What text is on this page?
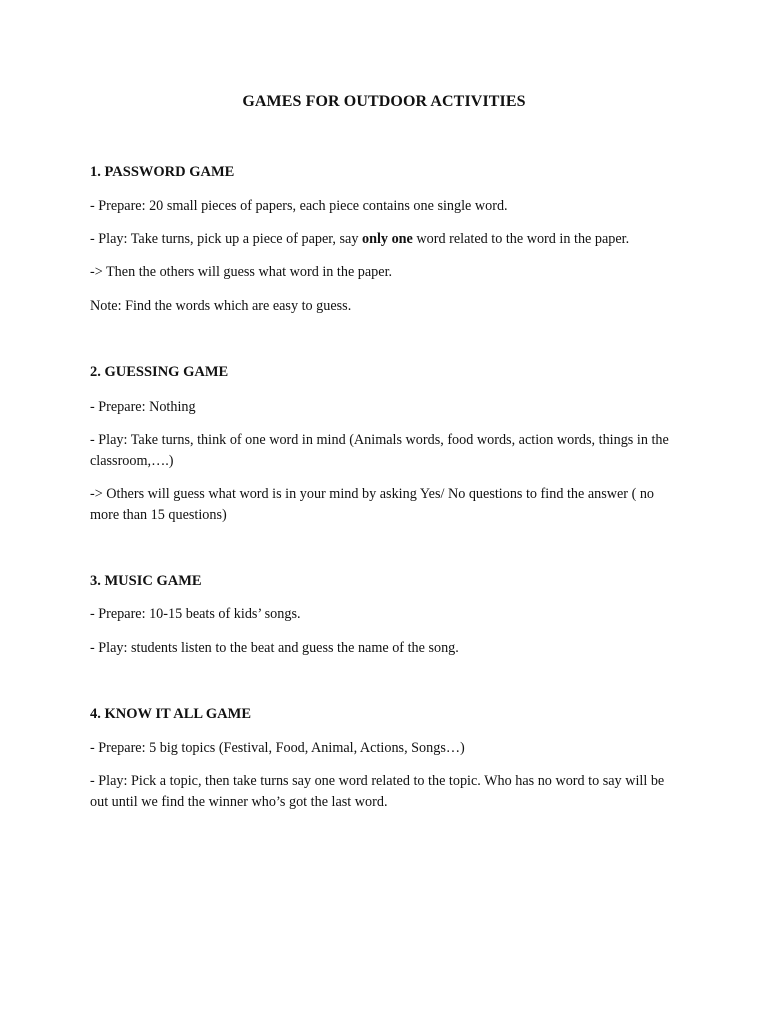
GAMES FOR OUTDOOR ACTIVITIES
1. PASSWORD GAME
- Prepare: 20 small pieces of papers, each piece contains one single word.
- Play: Take turns, pick up a piece of paper, say only one word related to the word in the paper.
-> Then the others will guess what word in the paper.
Note: Find the words which are easy to guess.
2. GUESSING GAME
- Prepare: Nothing
- Play: Take turns, think of one word in mind (Animals words, food words, action words, things in the classroom,….)
-> Others will guess what word is in your mind by asking Yes/ No questions to find the answer ( no more than 15 questions)
3. MUSIC GAME
- Prepare: 10-15 beats of kids’ songs.
- Play: students listen to the beat and guess the name of the song.
4. KNOW IT ALL GAME
- Prepare: 5 big topics (Festival, Food, Animal, Actions, Songs…)
- Play: Pick a topic, then take turns say one word related to the topic. Who has no word to say will be out until we find the winner who’s got the last word.
